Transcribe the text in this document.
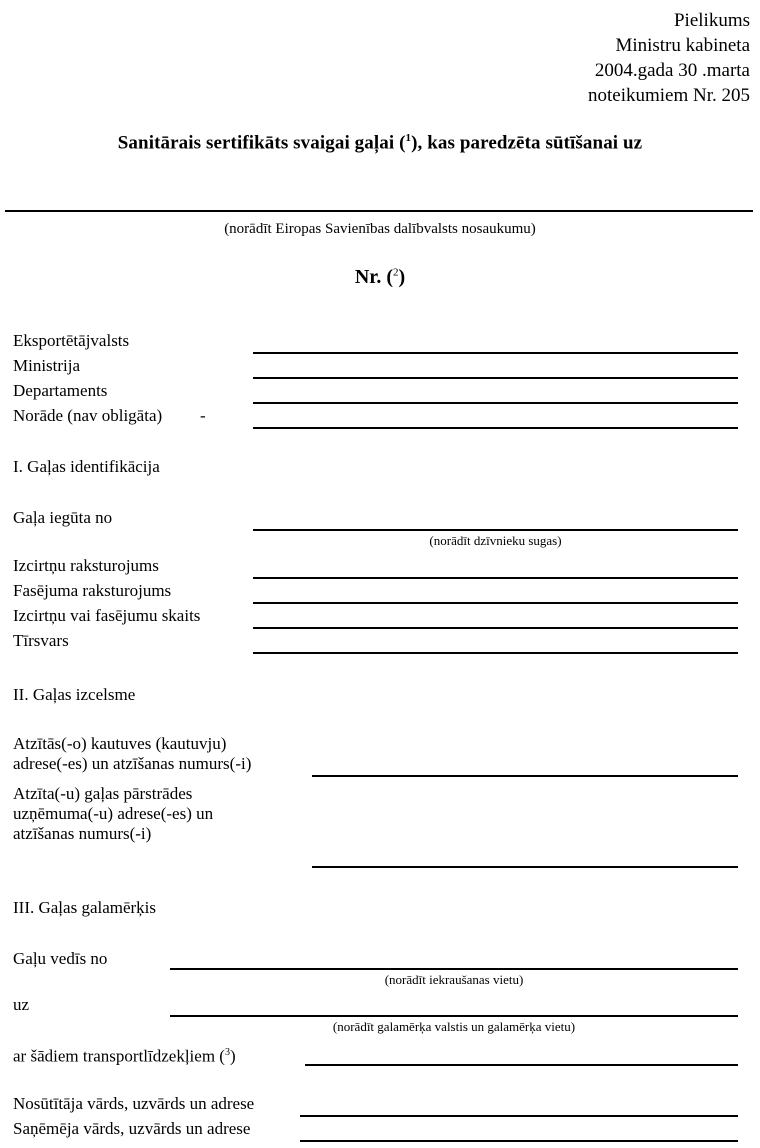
Pielikums
Ministru kabineta
2004.gada 30 .marta
noteikumiem Nr. 205
Sanitārais sertifikāts svaigai gaļai ($^1$), kas paredzēta sūtīšanai uz
(norādīt Eiropas Savienības dalībvalsts nosaukumu)
Nr. ($^2$)
Eksportētājvalsts
Ministrija
Departaments
Norāde (nav obligāta) -
I. Gaļas identifikācija
Gaļa iegūta no
(norādīt dzīvnieku sugas)
Izcirtņu raksturojums
Fasējuma raksturojums
Izcirtņu vai fasējumu skaits
Tīrsvars
II. Gaļas izcelsme
Atzītās(-o) kautuves (kautuvju)
adrese(-es) un atzīšanas numurs(-i)
Atzīta(-u) gaļas pārstrādes
uzņēmuma(-u) adrese(-es) un
atzīšanas numurs(-i)
III. Gaļas galamērķis
Gaļu vedīs no
(norādīt iekraušanas vietu)
uz
(norādīt galamērķa valstis un galamērķa vietu)
ar šādiem transportlīdzekļiem ($^3$)
Nosūtītāja vārds, uzvārds un adrese
Saņēmēja vārds, uzvārds un adrese
